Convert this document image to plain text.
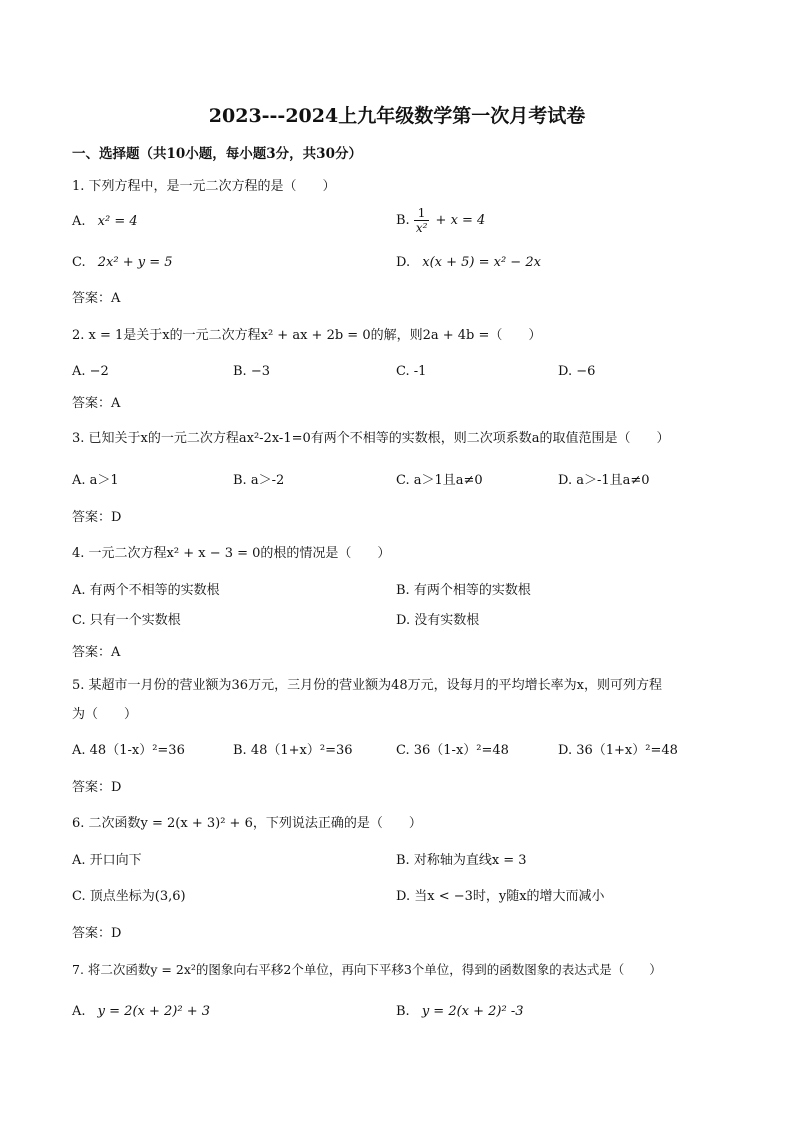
2023---2024上九年级数学第一次月考试卷
一、选择题（共10小题，每小题3分，共30分）
1. 下列方程中，是一元二次方程的是（　　）
A. x² = 4	B. $\frac{1}{\text{x²}} + x = 4$
C. 2x² + y = 5	D. x(x + 5) = x² − 2x
答案：A
2. x = 1是关于x的一元二次方程x² + ax + 2b = 0的解，则2a + 4b =（　　）
A. −2	B. −3	C. -1	D. −6
答案：A
3. 已知关于x的一元二次方程ax²-2x-1=0有两个不相等的实数根，则二次项系数a的取值范围是（　　）
A. a＞1	B. a＞-2	C. a＞1且a≠0	D. a＞-1且a≠0
答案：D
4. 一元二次方程x² + x − 3 = 0的根的情况是（　　）
A. 有两个不相等的实数根	B. 有两个相等的实数根
C. 只有一个实数根	D. 没有实数根
答案：A
5. 某超市一月份的营业额为36万元，三月份的营业额为48万元，设每月的平均增长率为x，则可列方程
为（　　）
A. 48（1-x）²=36	B. 48（1+x）²=36	C. 36（1-x）²=48	D. 36（1+x）²=48
答案：D
6. 二次函数y = 2(x + 3)² + 6，下列说法正确的是（　　）
A. 开口向下	B. 对称轴为直线x = 3
C. 顶点坐标为(3,6)	D. 当x < −3时，y随x的增大而减小
答案：D
7. 将二次函数y = 2x²的图象向右平移2个单位，再向下平移3个单位，得到的函数图象的表达式是（　　）
A. y = 2(x + 2)² + 3	B. y = 2(x + 2)² -3
